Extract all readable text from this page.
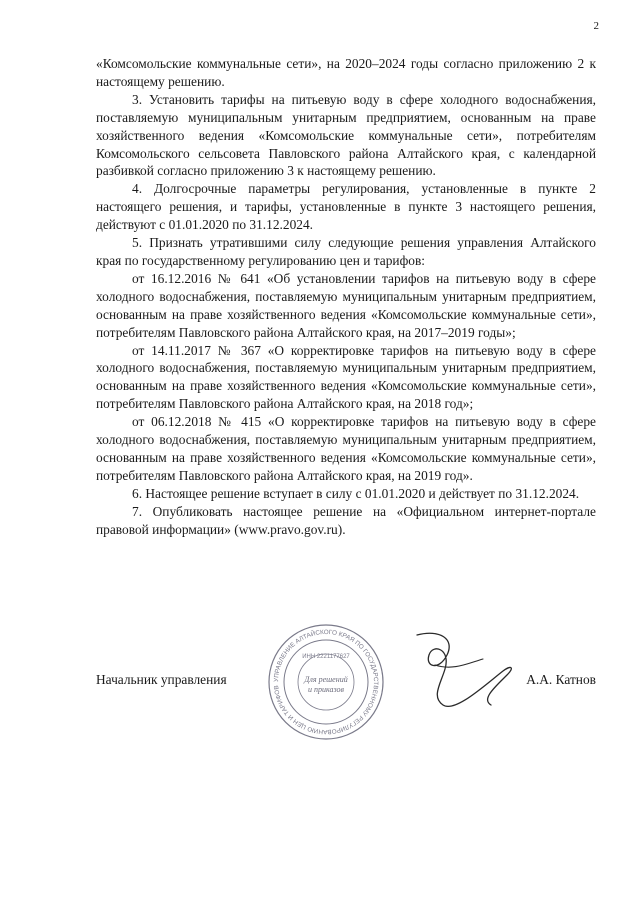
2

«Комсомольские коммунальные сети», на 2020–2024 годы согласно приложению 2 к настоящему решению.

3. Установить тарифы на питьевую воду в сфере холодного водоснабжения, поставляемую муниципальным унитарным предприятием, основанным на праве хозяйственного ведения «Комсомольские коммунальные сети», потребителям Комсомольского сельсовета Павловского района Алтайского края, с календарной разбивкой согласно приложению 3 к настоящему решению.

4. Долгосрочные параметры регулирования, установленные в пункте 2 настоящего решения, и тарифы, установленные в пункте 3 настоящего решения, действуют с 01.01.2020 по 31.12.2024.

5. Признать утратившими силу следующие решения управления Алтайского края по государственному регулированию цен и тарифов:

от 16.12.2016 № 641 «Об установлении тарифов на питьевую воду в сфере холодного водоснабжения, поставляемую муниципальным унитарным предприятием, основанным на праве хозяйственного ведения «Комсомольские коммунальные сети», потребителям Павловского района Алтайского края, на 2017–2019 годы»;

от 14.11.2017 № 367 «О корректировке тарифов на питьевую воду в сфере холодного водоснабжения, поставляемую муниципальным унитарным предприятием, основанным на праве хозяйственного ведения «Комсомольские коммунальные сети», потребителям Павловского района Алтайского края, на 2018 год»;

от 06.12.2018 № 415 «О корректировке тарифов на питьевую воду в сфере холодного водоснабжения, поставляемую муниципальным унитарным предприятием, основанным на праве хозяйственного ведения «Комсомольские коммунальные сети», потребителям Павловского района Алтайского края, на 2019 год».

6. Настоящее решение вступает в силу с 01.01.2020 и действует по 31.12.2024.

7. Опубликовать настоящее решение на «Официальном интернет-портале правовой информации» (www.pravo.gov.ru).

УПРАВЛЕНИЕ АЛТАЙСКОГО КРАЯ ПО ГОСУДАРСТВЕННОМУ РЕГУЛИРОВАНИЮ ЦЕН И ТАРИФОВ
ИНН 2221177627
Для решений
и приказов
Начальник управления	А.А. Катнов
